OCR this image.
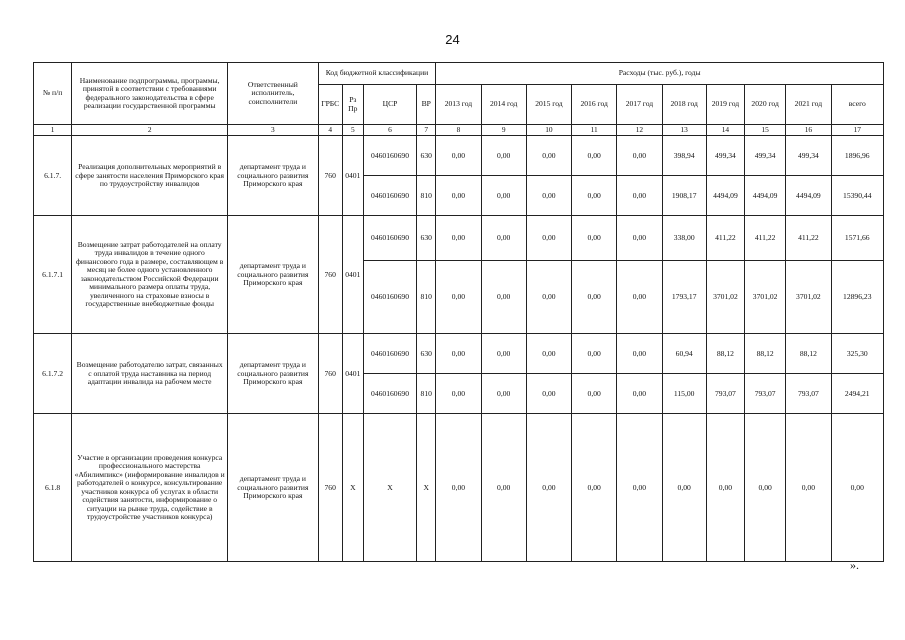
24
№ п/п	Наименование подпрограммы, программы, принятой в соответствии с требованиями федерального законодательства в сфере реализации государственной программы	Ответственный исполнитель, соисполнители	Код бюджетной классификации				Расходы (тыс. руб.), годы									
			ГРБС	Рз Пр	ЦСР	ВР	2013 год	2014 год	2015 год	2016 год	2017 год	2018 год	2019 год	2020 год	2021 год	всего
1	2	3	4	5	6	7	8	9	10	11	12	13	14	15	16	17
6.1.7.	Реализация дополнительных мероприятий в сфере занятости населения Приморского края по трудоустройству инвалидов	департамент труда и социального развития Приморского края	760	0401	0460160690	630	0,00	0,00	0,00	0,00	0,00	398,94	499,34	499,34	499,34	1896,96
					0460160690	810	0,00	0,00	0,00	0,00	0,00	1908,17	4494,09	4494,09	4494,09	15390,44
6.1.7.1	Возмещение затрат работодателей на оплату труда инвалидов в течение одного финансового года в размере, составляющем в месяц не более одного установленного законодательством Российской Федерации минимального размера оплаты труда, увеличенного на страховые взносы в государственные внебюджетные фонды	департамент труда и социального развития Приморского края	760	0401	0460160690	630	0,00	0,00	0,00	0,00	0,00	338,00	411,22	411,22	411,22	1571,66
					0460160690	810	0,00	0,00	0,00	0,00	0,00	1793,17	3701,02	3701,02	3701,02	12896,23
6.1.7.2	Возмещение работодателю затрат, связанных с оплатой труда наставника на период адаптации инвалида на рабочем месте	департамент труда и социального развития Приморского края	760	0401	0460160690	630	0,00	0,00	0,00	0,00	0,00	60,94	88,12	88,12	88,12	325,30
					0460160690	810	0,00	0,00	0,00	0,00	0,00	115,00	793,07	793,07	793,07	2494,21
6.1.8	Участие в организации проведения конкурса профессионального мастерства «Абилимпикс» (информирование инвалидов и работодателей о конкурсе, консультирование участников конкурса об услугах в области содействия занятости, информирование о ситуации на рынке труда, содействие в трудоустройстве участников конкурса)	департамент труда и социального развития Приморского края	760	Х	Х	Х	0,00	0,00	0,00	0,00	0,00	0,00	0,00	0,00	0,00	0,00
».
